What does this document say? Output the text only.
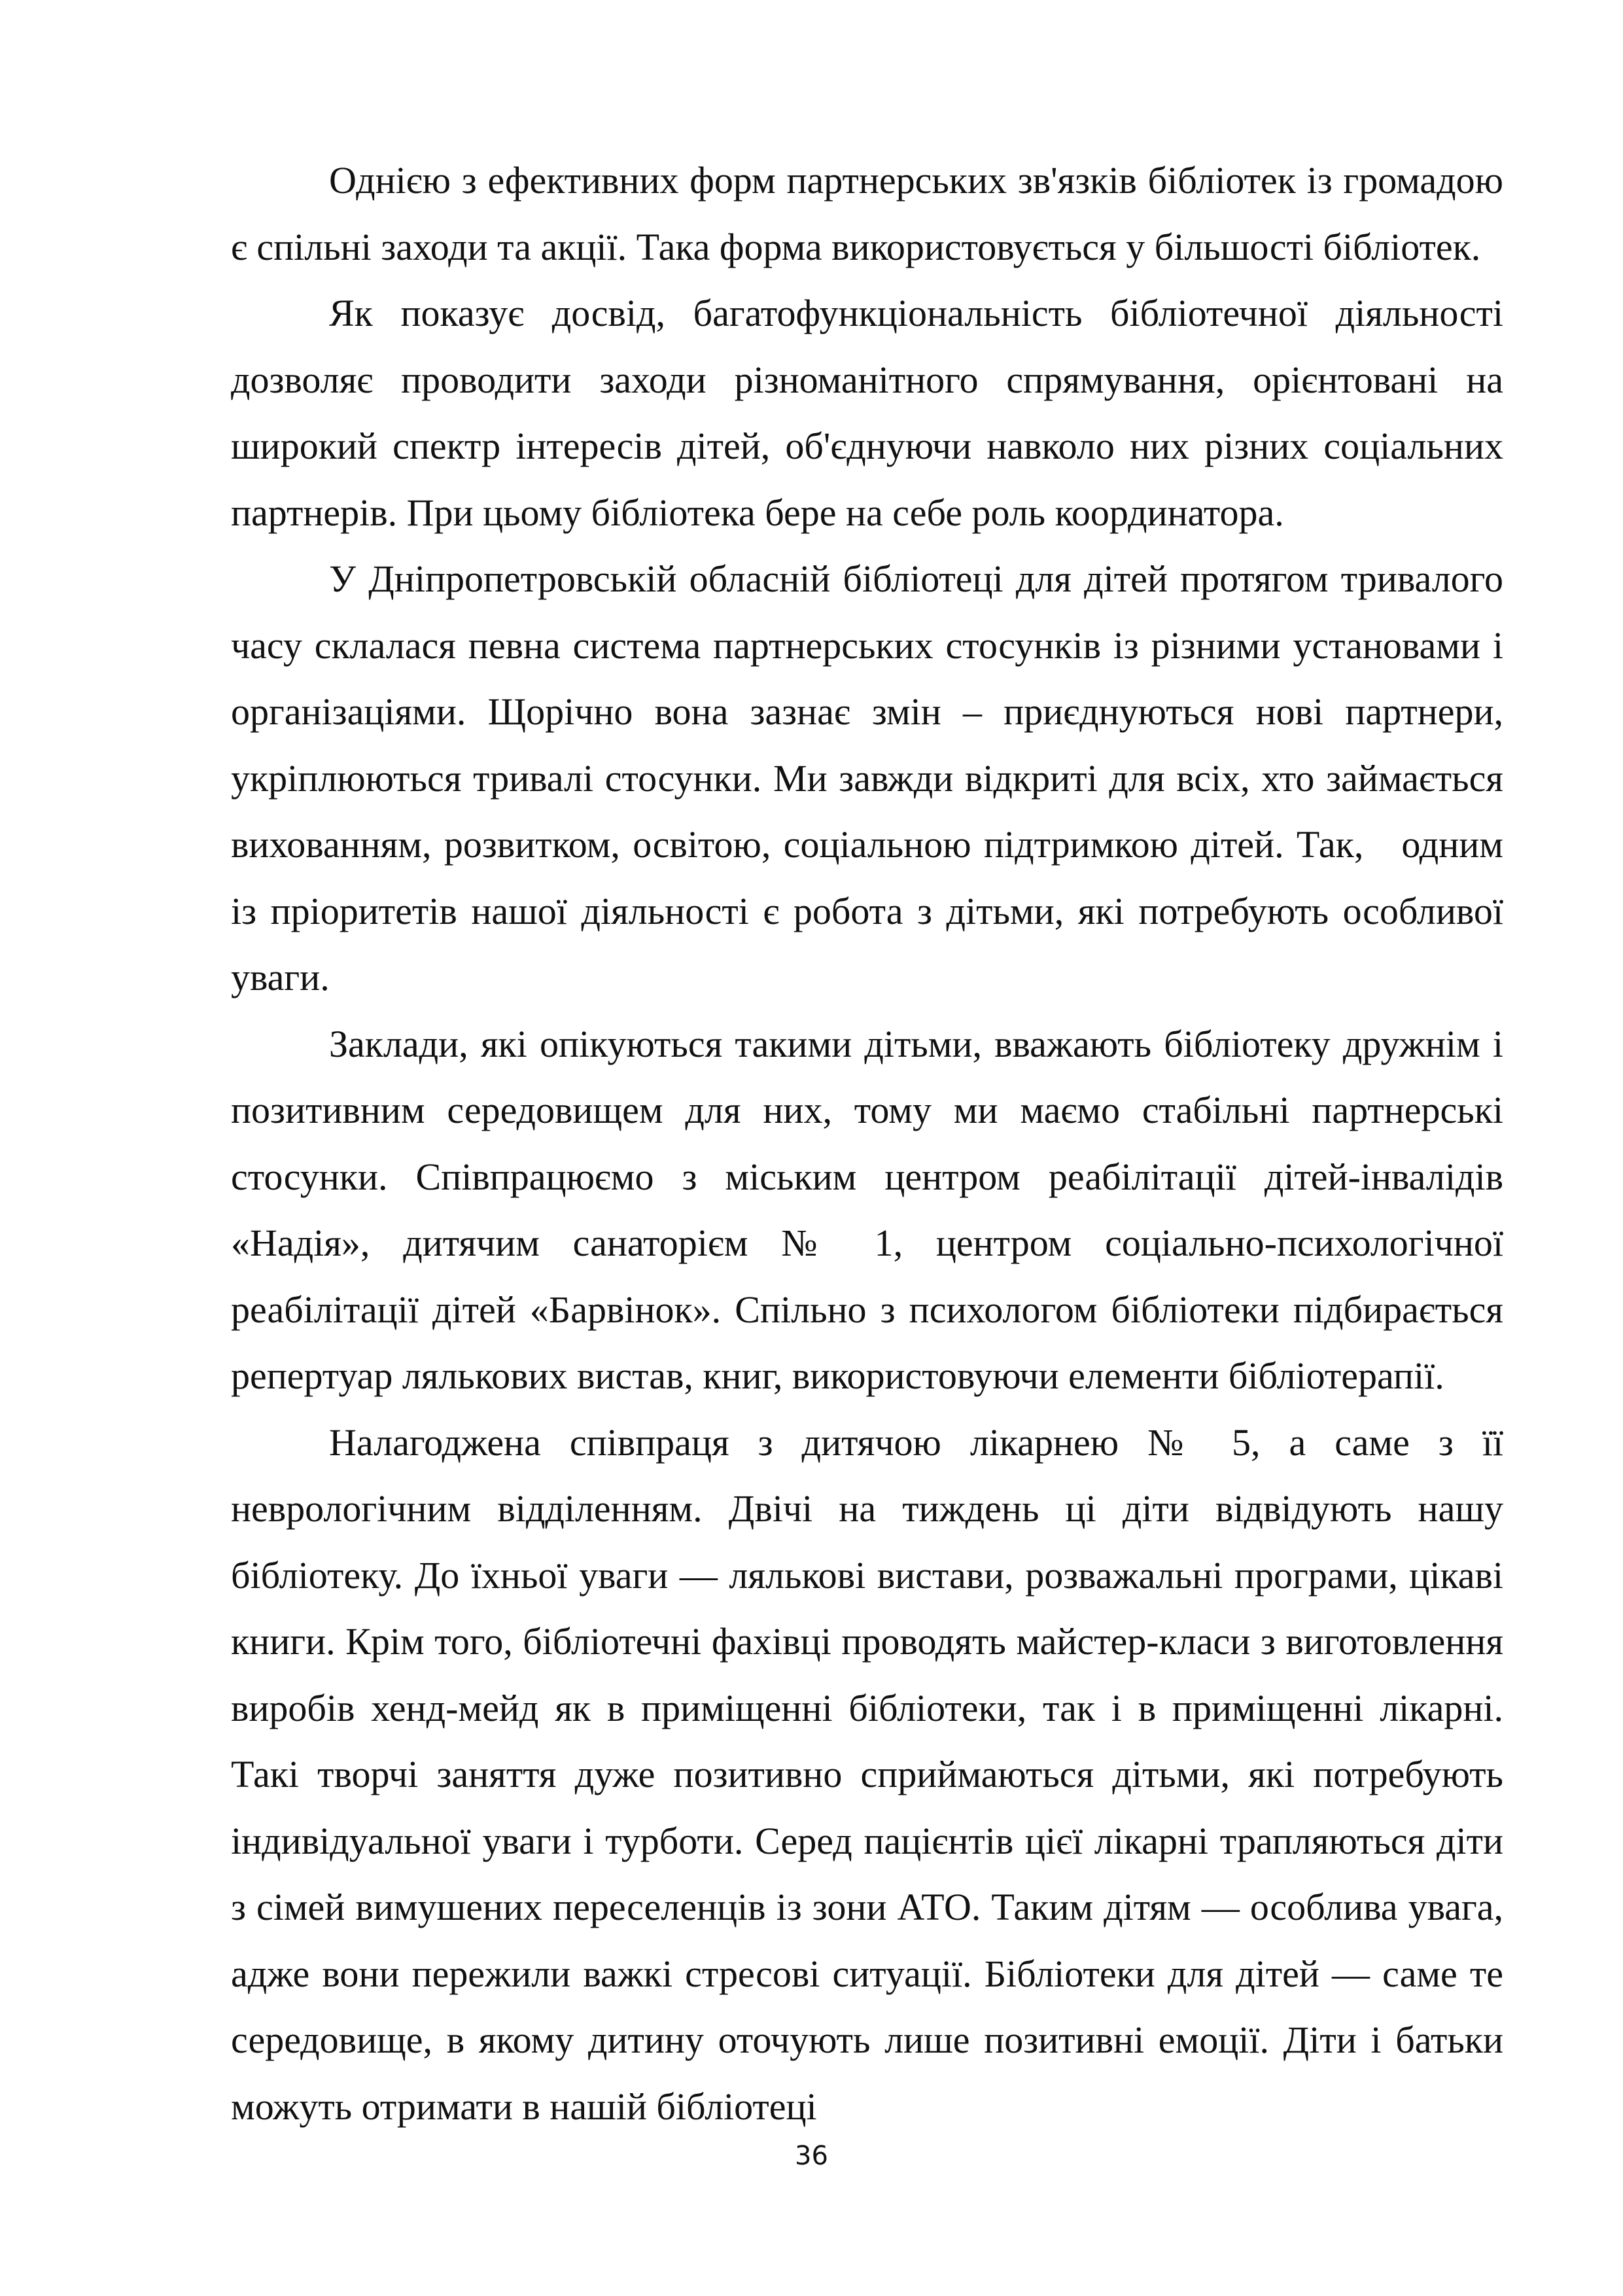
Однією з ефективних форм партнерських зв'язків бібліотек із громадою є спільні заходи та акції. Така форма використовується у більшості бібліотек.

Як показує досвід, багатофункціональність бібліотечної діяльності дозволяє проводити заходи різноманітного спрямування, орієнтовані на широкий спектр інтересів дітей, об'єднуючи навколо них різних соціальних партнерів. При цьому бібліотека бере на себе роль координатора.

У Дніпропетровській обласній бібліотеці для дітей протягом тривалого часу склалася певна система партнерських стосунків із різними установами і організаціями. Щорічно вона зазнає змін – приєднуються нові партнери, укріплюються тривалі стосунки. Ми завжди відкриті для всіх, хто займається вихованням, розвитком, освітою, соціальною підтримкою дітей. Так,   одним із пріоритетів нашої діяльності є робота з дітьми, які потребують особливої уваги.

Заклади, які опікуються такими дітьми, вважають бібліотеку дружнім і позитивним середовищем для них, тому ми маємо стабільні партнерські стосунки. Співпрацюємо з міським центром реабілітації дітей-інвалідів «Надія», дитячим санаторієм № 1, центром соціально-психологічної реабілітації дітей «Барвінок». Спільно з психологом бібліотеки підбирається репертуар лялькових вистав, книг, використовуючи елементи бібліотерапії.

Налагоджена співпраця з дитячою лікарнею № 5, а саме з її неврологічним відділенням. Двічі на тиждень ці діти відвідують нашу бібліотеку. До їхньої уваги — лялькові вистави, розважальні програми, цікаві книги. Крім того, бібліотечні фахівці проводять майстер-класи з виготовлення виробів хенд-мейд як в приміщенні бібліотеки, так і в приміщенні лікарні. Такі творчі заняття дуже позитивно сприймаються дітьми, які потребують індивідуальної уваги і турботи. Серед пацієнтів цієї лікарні трапляються діти з сімей вимушених переселенців із зони АТО. Таким дітям — особлива увага, адже вони пережили важкі стресові ситуації. Бібліотеки для дітей — саме те середовище, в якому дитину оточують лише позитивні емоції. Діти і батьки можуть отримати в нашій бібліотеці

36
